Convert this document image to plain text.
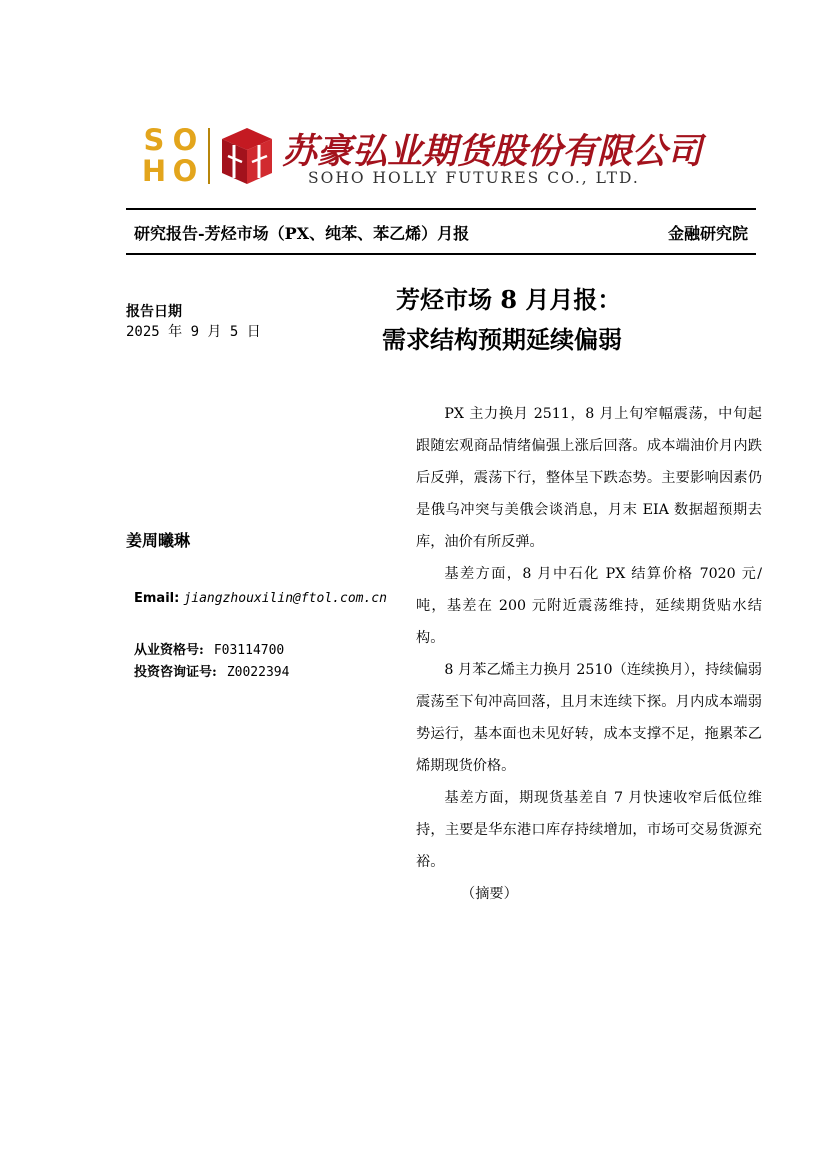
S O
H O 苏豪弘业期货股份有限公司
SOHO HOLLY FUTURES CO., LTD.
研究报告-芳烃市场（PX、纯苯、苯乙烯）月报	金融研究院
报告日期
2025 年 9 月 5 日
姜周曦琳
Email: jiangzhouxilin@ftol.com.cn
从业资格号: F03114700
投资咨询证号: Z0022394
芳烃市场 8 月月报：
需求结构预期延续偏弱

PX 主力换月 2511，8 月上旬窄幅震荡，中旬起跟随宏观商品情绪偏强上涨后回落。成本端油价月内跌后反弹，震荡下行，整体呈下跌态势。主要影响因素仍是俄乌冲突与美俄会谈消息，月末 EIA 数据超预期去库，油价有所反弹。

基差方面，8 月中石化 PX 结算价格 7020 元/吨，基差在 200 元附近震荡维持，延续期货贴水结构。

8 月苯乙烯主力换月 2510（连续换月），持续偏弱震荡至下旬冲高回落，且月末连续下探。月内成本端弱势运行，基本面也未见好转，成本支撑不足，拖累苯乙烯期现货价格。

基差方面，期现货基差自 7 月快速收窄后低位维持，主要是华东港口库存持续增加，市场可交易货源充裕。

（摘要）
